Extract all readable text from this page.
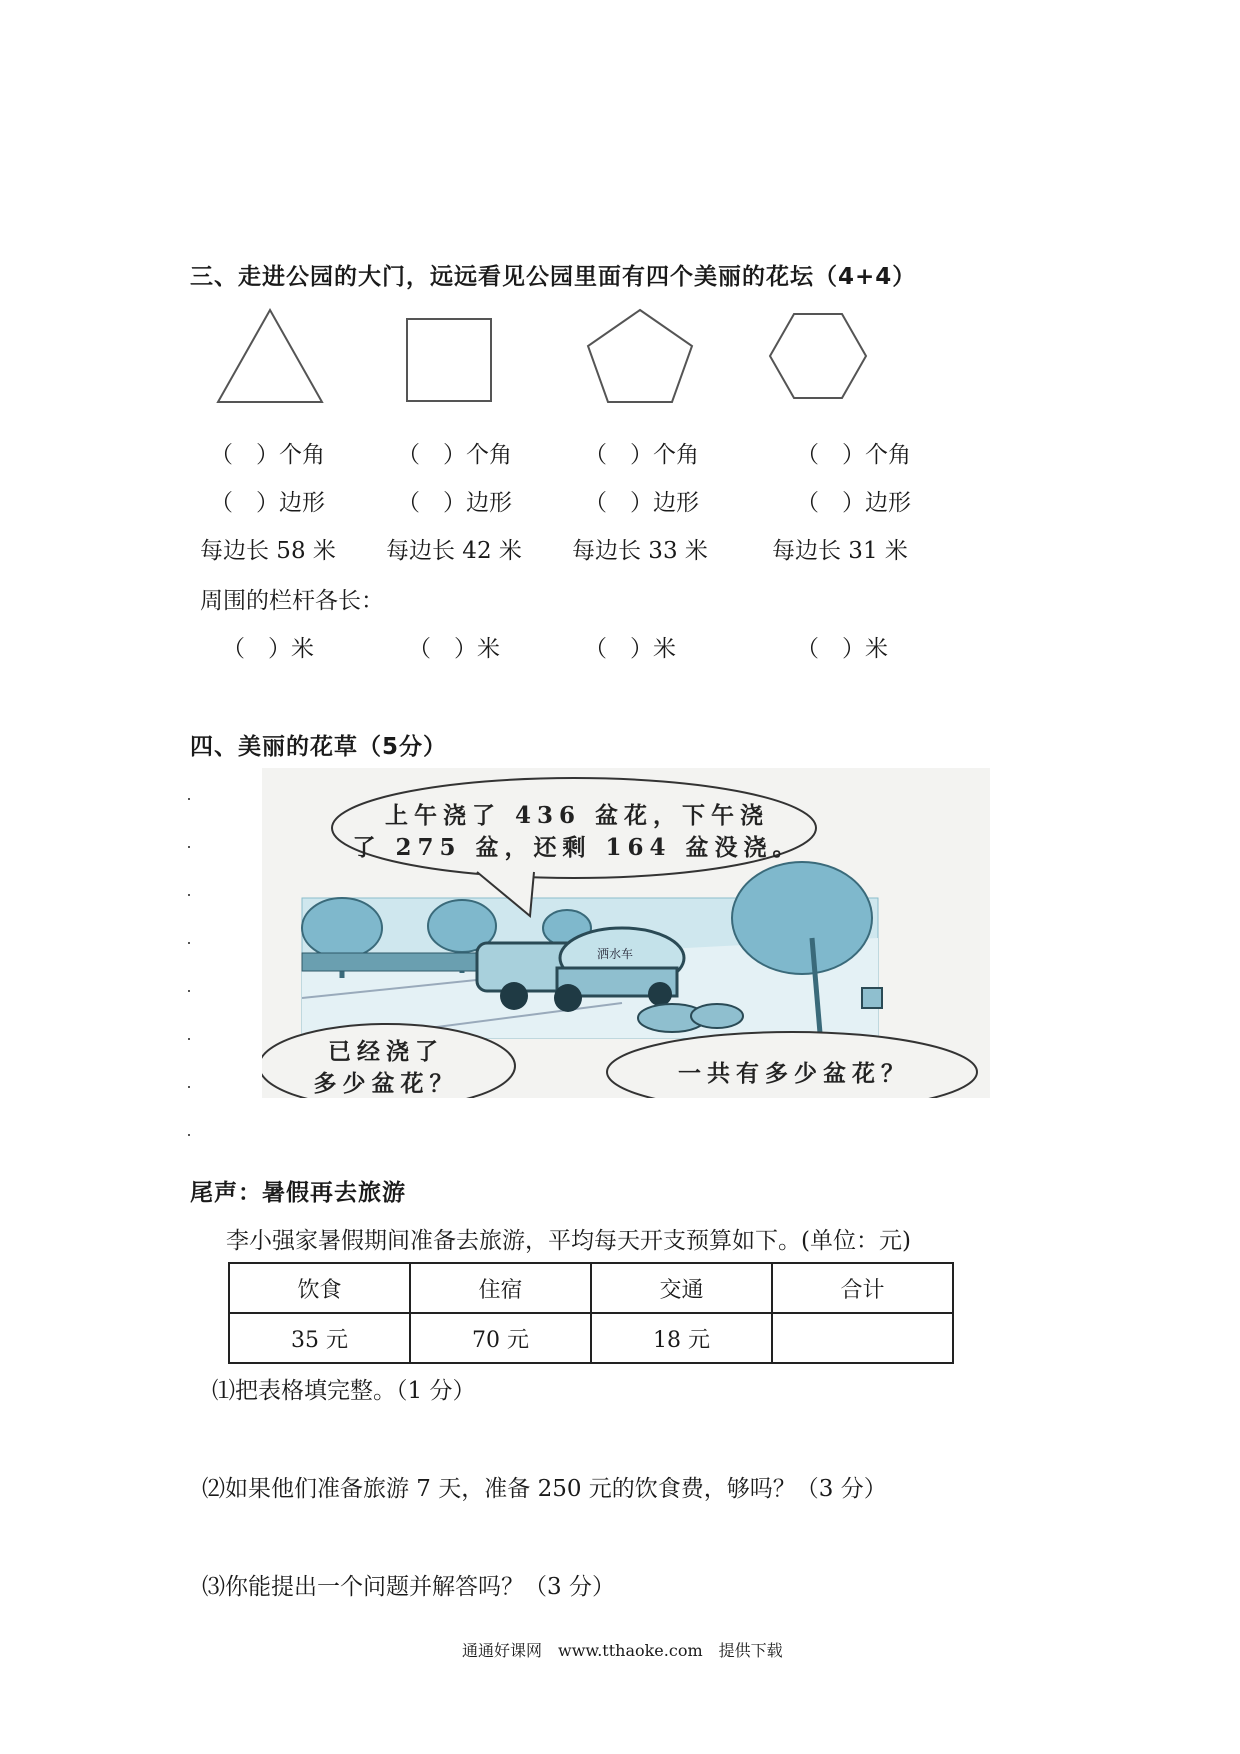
三、走进公园的大门，远远看见公园里面有四个美丽的花坛（4+4）
（　）个角	（　）个角	（　）个角	（　）个角
（　）边形	（　）边形	（　）边形	（　）边形
每边长 58 米 每边长 42 米 每边长 33 米	每边长 31 米
周围的栏杆各长：
（　）米	（　）米	（　）米	（　）米
四、美丽的花草（5分）
洒水车
上午浇了 436 盆花，下午浇
了 275 盆，还剩 164 盆没浇。
已经浇了
多少盆花？	一共有多少盆花？
尾声：暑假再去旅游
李小强家暑假期间准备去旅游，平均每天开支预算如下。(单位：元)
饮食	住宿	交通	合计
35 元	70 元	18 元	
⑴把表格填完整。（1 分）
⑵如果他们准备旅游 7 天，准备 250 元的饮食费，够吗？（3 分）
⑶你能提出一个问题并解答吗？（3 分）
通通好课网　www.tthaoke.com　提供下载
